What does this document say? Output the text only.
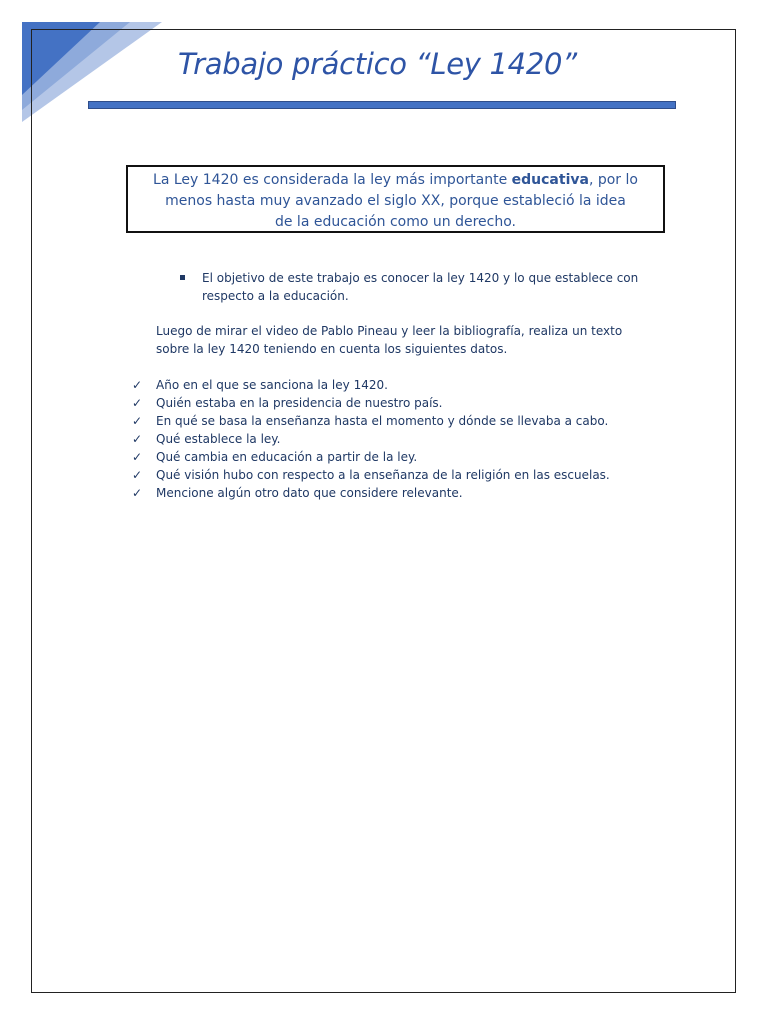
Trabajo práctico “Ley 1420”
La Ley 1420 es considerada la ley más importante educativa, por lo
menos hasta muy avanzado el siglo XX, porque estableció la idea
de la educación como un derecho.
El objetivo de este trabajo es conocer la ley 1420 y lo que establece con
respecto a la educación.
Luego de mirar el video de Pablo Pineau y leer la bibliografía, realiza un texto
sobre la ley 1420 teniendo en cuenta los siguientes datos.
✓	Año en el que se sanciona la ley 1420.
✓	Quién estaba en la presidencia de nuestro país.
✓	En qué se basa la enseñanza hasta el momento y dónde se llevaba a cabo.
✓	Qué establece la ley.
✓	Qué cambia en educación a partir de la ley.
✓	Qué visión hubo con respecto a la enseñanza de la religión en las escuelas.
✓	Mencione algún otro dato que considere relevante.
